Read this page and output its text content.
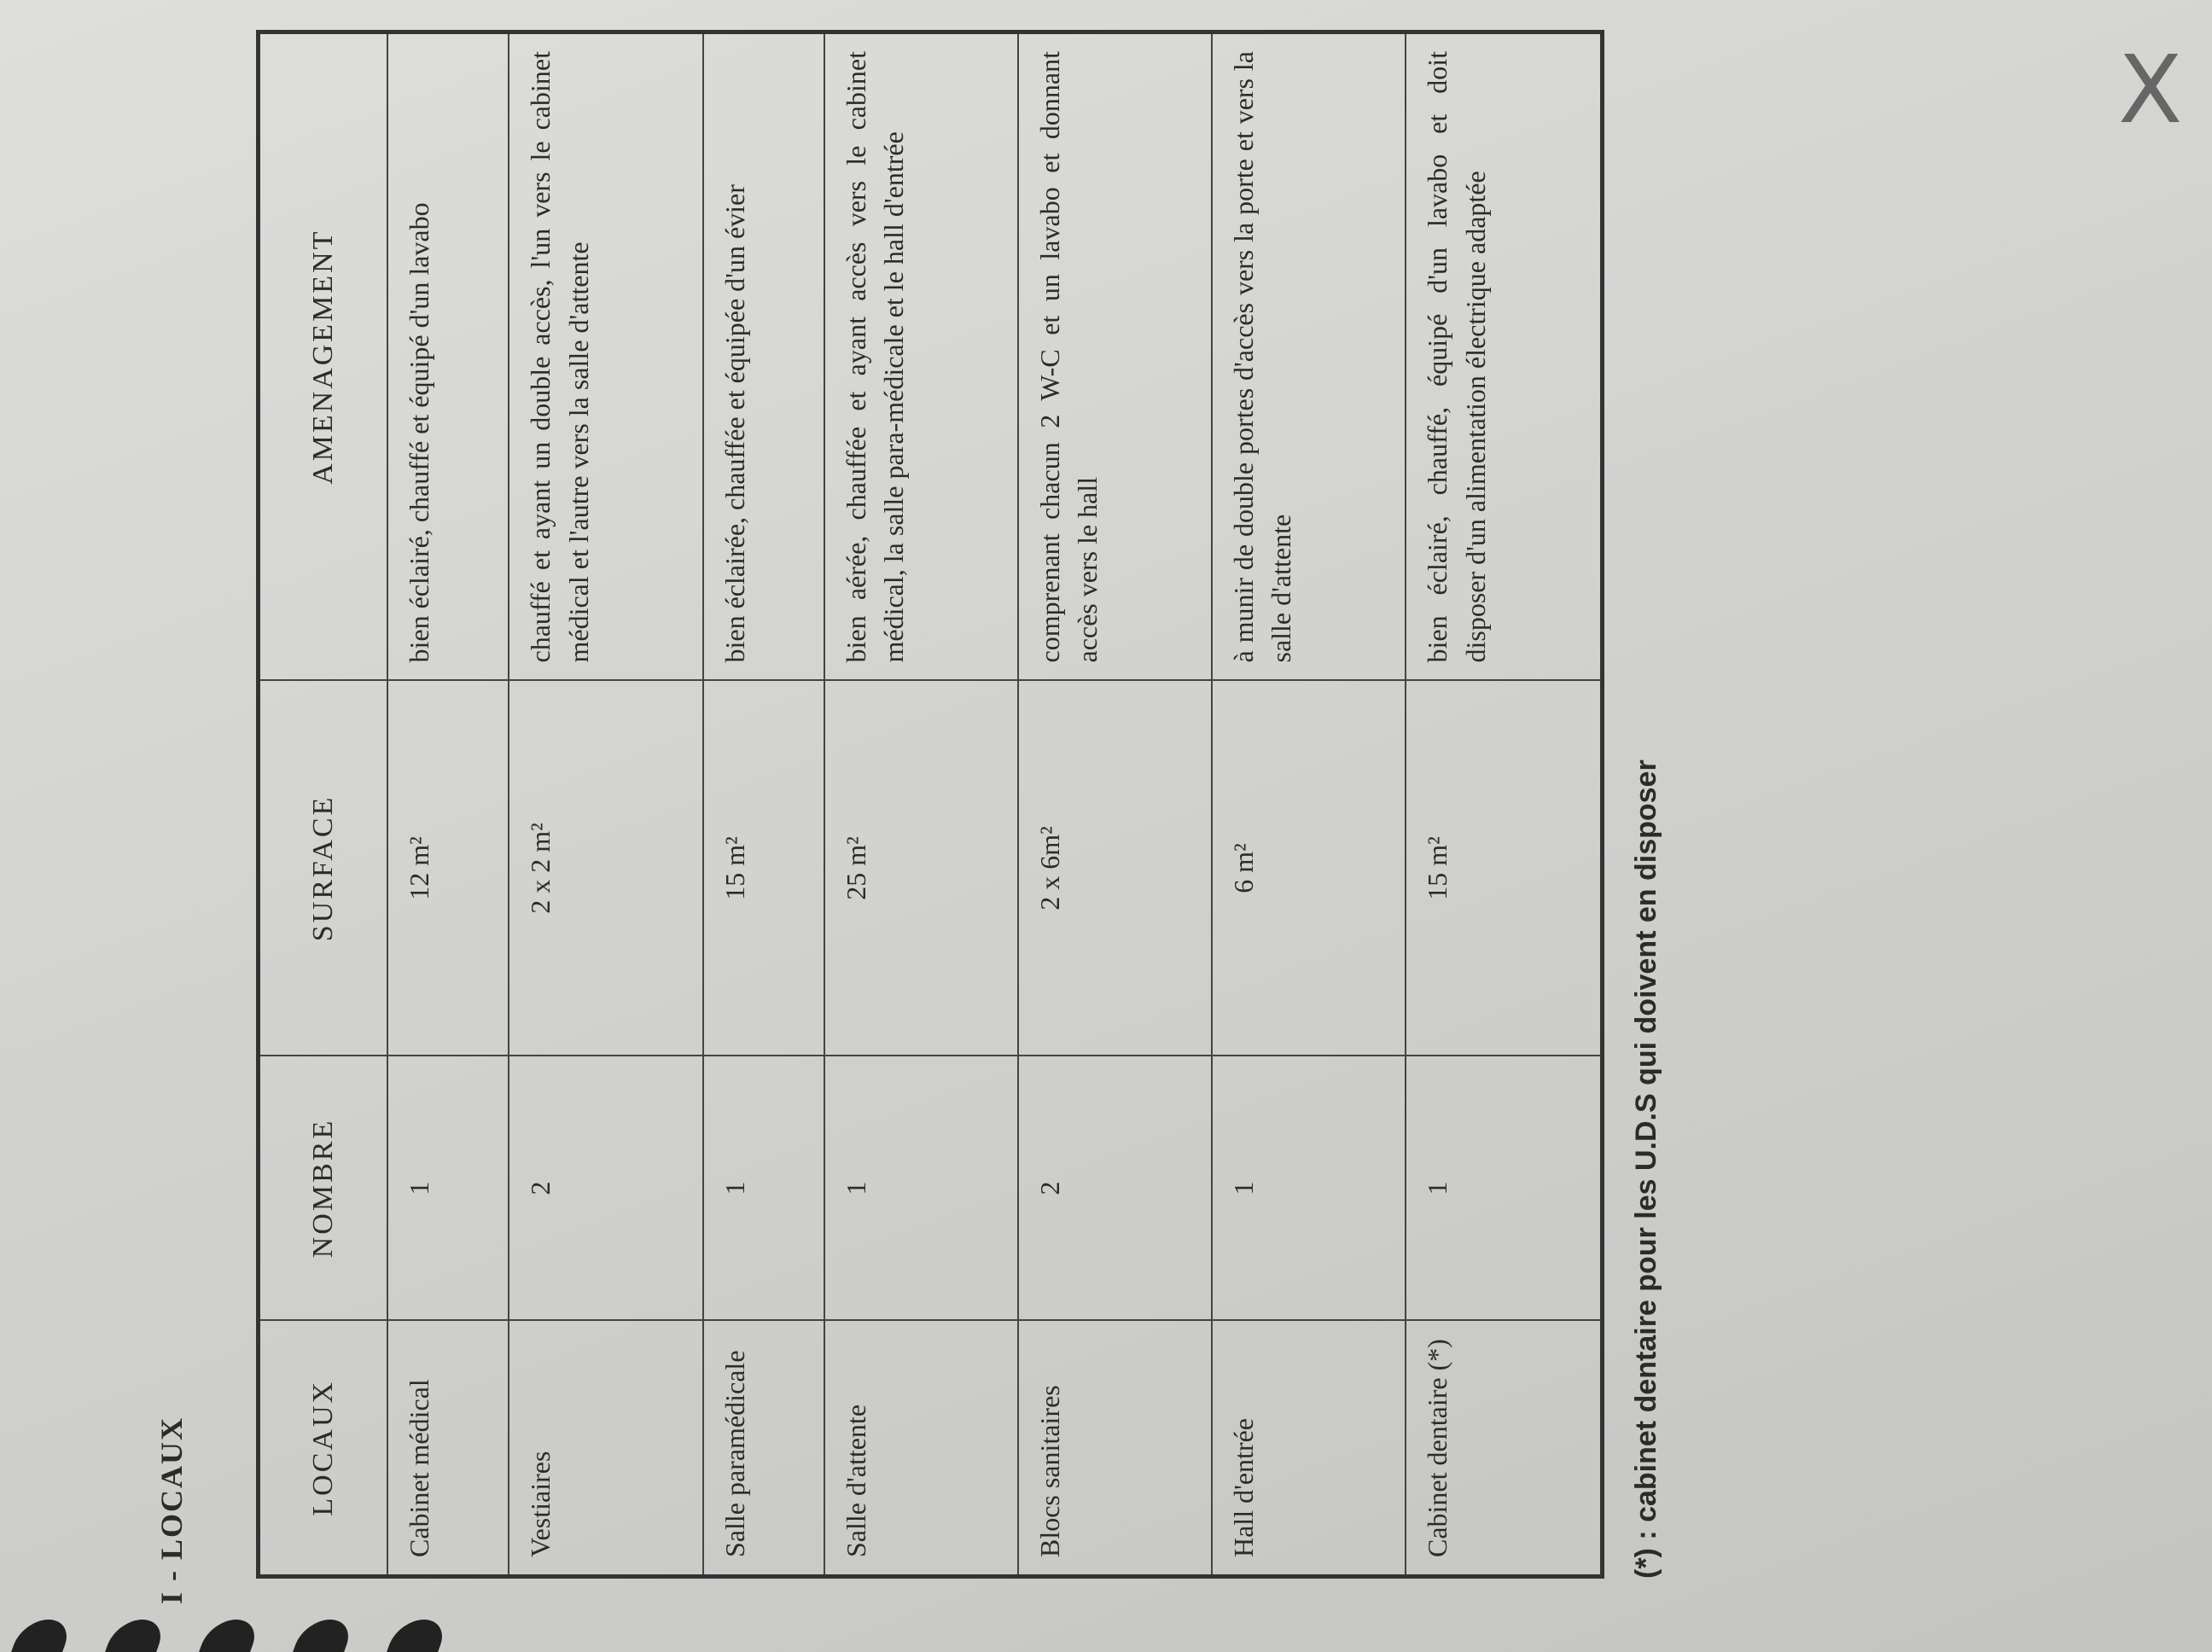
X
I - LOCAUX	LOCAUX	NOMBRE	SURFACE	AMENAGEMENT
Cabinet médical	1	12 m²	bien éclairé, chauffé et équipé d'un lavabo
Vestiaires	2	2 x 2 m²	chauffé et ayant un double accès, l'un vers le cabinet médical et l'autre vers la salle d'attente
Salle paramédicale	1	15 m²	bien éclairée, chauffée et équipée d'un évier
Salle d'attente	1	25 m²	bien aérée, chauffée et ayant accès vers le cabinet médical, la salle para-médicale et le hall d'entrée
Blocs sanitaires	2	2 x 6m²	comprenant chacun 2 W-C et un lavabo et donnant accès vers le hall
Hall d'entrée	1	6 m²	à munir de double portes d'accès vers la porte et vers la salle d'attente
Cabinet dentaire (*)	1	15 m²	bien éclairé, chauffé, équipé d'un lavabo et doit disposer d'un alimentation électrique adaptée
(*) : cabinet dentaire pour les U.D.S qui doivent en disposer
